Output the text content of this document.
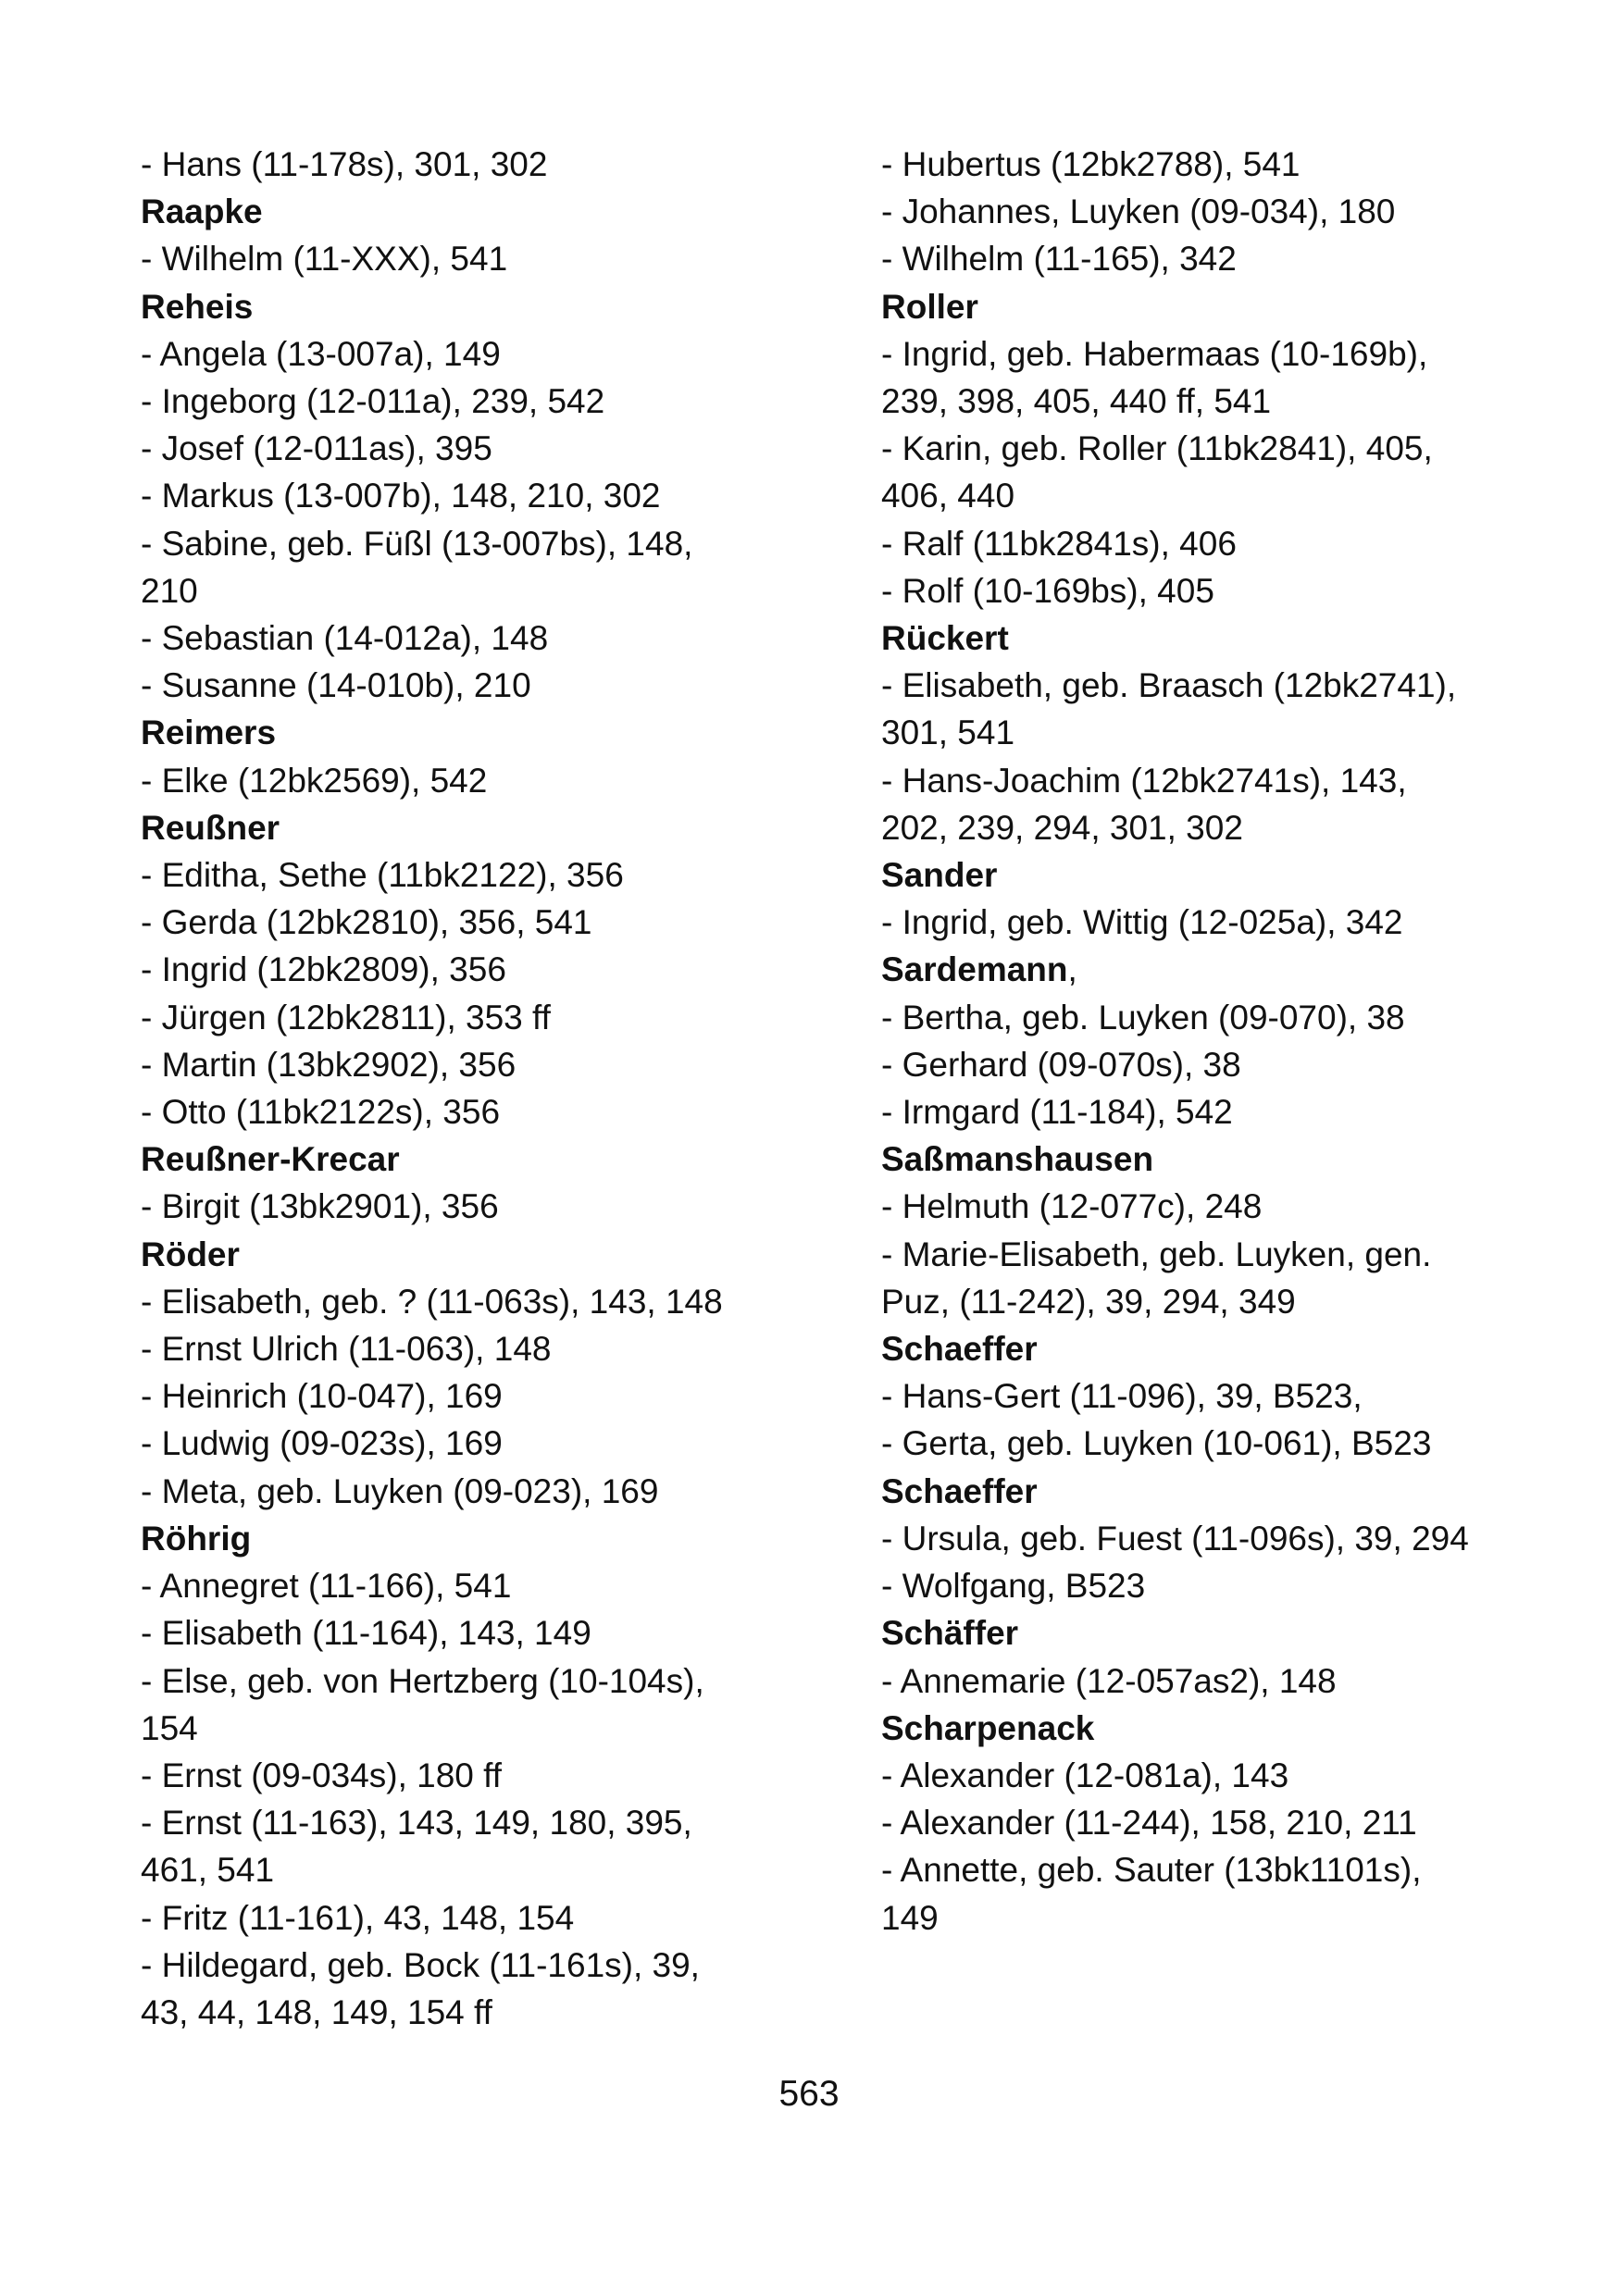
- Hans (11-178s), 301, 302
Raapke
- Wilhelm (11-XXX), 541
Reheis
- Angela (13-007a), 149
- Ingeborg (12-011a), 239, 542
- Josef (12-011as), 395
- Markus (13-007b), 148, 210, 302
- Sabine, geb. Füßl (13-007bs), 148,
210
- Sebastian (14-012a), 148
- Susanne (14-010b), 210
Reimers
- Elke (12bk2569), 542
Reußner
- Editha, Sethe (11bk2122), 356
- Gerda (12bk2810), 356, 541
- Ingrid (12bk2809), 356
- Jürgen (12bk2811), 353 ff
- Martin (13bk2902), 356
- Otto (11bk2122s), 356
Reußner-Krecar
- Birgit (13bk2901), 356
Röder
- Elisabeth, geb. ? (11-063s), 143, 148
- Ernst Ulrich (11-063), 148
- Heinrich (10-047), 169
- Ludwig (09-023s), 169
- Meta, geb. Luyken (09-023), 169
Röhrig
- Annegret (11-166), 541
- Elisabeth (11-164), 143, 149
- Else, geb. von Hertzberg (10-104s),
154
- Ernst (09-034s), 180 ff
- Ernst (11-163), 143, 149, 180, 395,
461, 541
- Fritz (11-161), 43, 148, 154
- Hildegard, geb. Bock (11-161s), 39,
43, 44, 148, 149, 154 ff
- Hubertus (12bk2788), 541
- Johannes, Luyken (09-034), 180
- Wilhelm (11-165), 342
Roller
- Ingrid, geb. Habermaas (10-169b),
239, 398, 405, 440 ff, 541
- Karin, geb. Roller (11bk2841), 405,
406, 440
- Ralf (11bk2841s), 406
- Rolf (10-169bs), 405
Rückert
- Elisabeth, geb. Braasch (12bk2741),
301, 541
- Hans-Joachim (12bk2741s), 143,
202, 239, 294, 301, 302
Sander
- Ingrid, geb. Wittig (12-025a), 342
Sardemann,
- Bertha, geb. Luyken (09-070), 38
- Gerhard (09-070s), 38
- Irmgard (11-184), 542
Saßmanshausen
- Helmuth (12-077c), 248
- Marie-Elisabeth, geb. Luyken, gen.
Puz, (11-242), 39, 294, 349
Schaeffer
- Hans-Gert (11-096), 39, B523,
- Gerta, geb. Luyken (10-061), B523
Schaeffer
- Ursula, geb. Fuest (11-096s), 39, 294
- Wolfgang, B523
Schäffer
- Annemarie (12-057as2), 148
Scharpenack
- Alexander (12-081a), 143
- Alexander (11-244), 158, 210, 211
- Annette, geb. Sauter (13bk1101s),
149
563
